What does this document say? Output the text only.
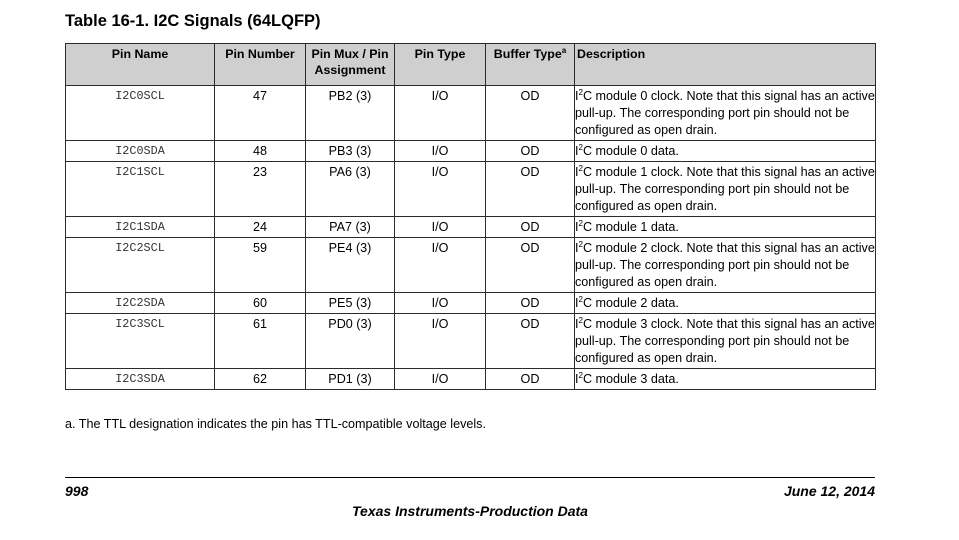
Table 16-1. I2C Signals (64LQFP)
Pin Name	Pin Number	Pin Mux / Pin
Assignment	Pin Type	Buffer Type$^a$	Description
I2C0SCL	47	PB2 (3)	I/O	OD	$I^2C$ module 0 clock. Note that this signal has an active pull-up. The corresponding port pin should not be configured as open drain.
I2C0SDA	48	PB3 (3)	I/O	OD	$I^2C$ module 0 data.
I2C1SCL	23	PA6 (3)	I/O	OD	$I^2C$ module 1 clock. Note that this signal has an active pull-up. The corresponding port pin should not be configured as open drain.
I2C1SDA	24	PA7 (3)	I/O	OD	$I^2C$ module 1 data.
I2C2SCL	59	PE4 (3)	I/O	OD	$I^2C$ module 2 clock. Note that this signal has an active pull-up. The corresponding port pin should not be configured as open drain.
I2C2SDA	60	PE5 (3)	I/O	OD	$I^2C$ module 2 data.
I2C3SCL	61	PD0 (3)	I/O	OD	$I^2C$ module 3 clock. Note that this signal has an active pull-up. The corresponding port pin should not be configured as open drain.
I2C3SDA	62	PD1 (3)	I/O	OD	$I^2C$ module 3 data.
a. The TTL designation indicates the pin has TTL-compatible voltage levels.
998	June 12, 2014
Texas Instruments-Production Data
